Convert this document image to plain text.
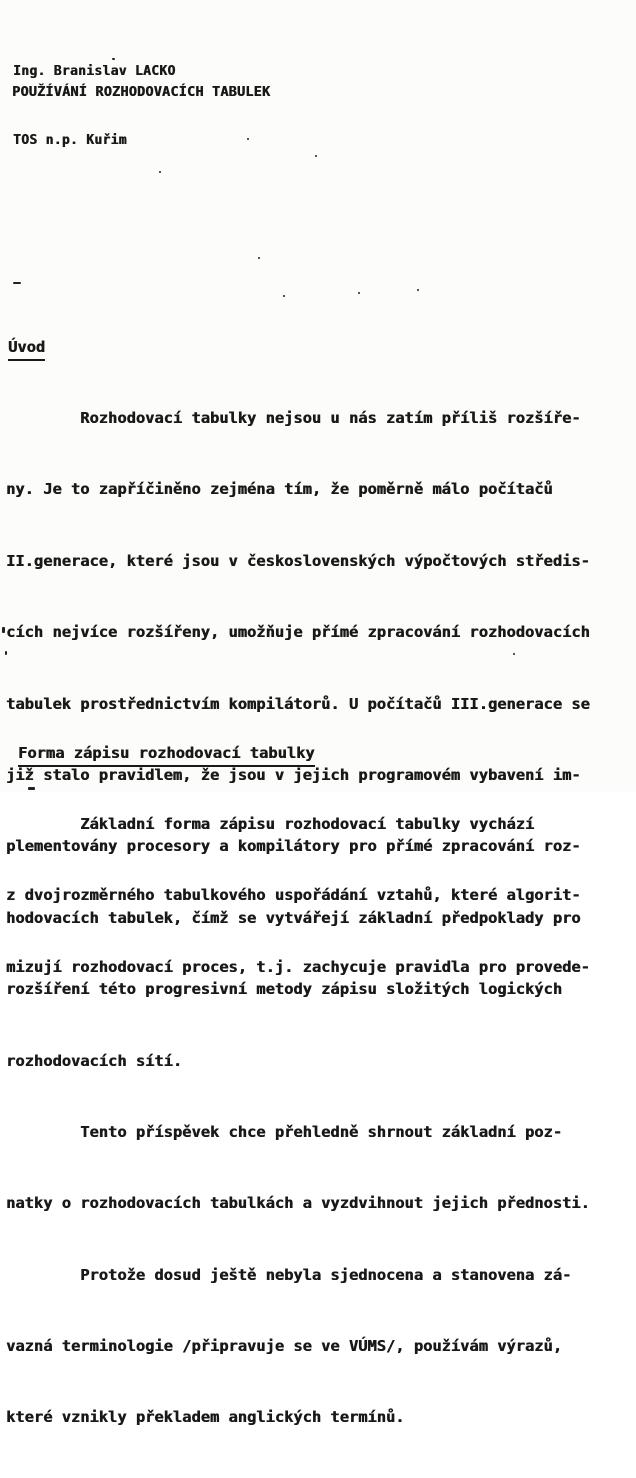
Ing. Branislav LACKO

TOS n.p. Kuřim

POUŽÍVÁNÍ ROZHODOVACÍCH TABULEK

Úvod

Rozhodovací tabulky nejsou u nás zatím příliš rozšíře-

ny. Je to zapříčiněno zejména tím, že poměrně málo počítačů

II.generace, které jsou v československých výpočtových středis-

cích nejvíce rozšířeny, umožňuje přímé zpracování rozhodovacích

tabulek prostřednictvím kompilátorů. U počítačů III.generace se

již stalo pravidlem, že jsou v jejich programovém vybavení im-

plementovány procesory a kompilátory pro přímé zpracování roz-

hodovacích tabulek, čímž se vytvářejí základní předpoklady pro

rozšíření této progresivní metody zápisu složitých logických

rozhodovacích sítí.

Tento příspěvek chce přehledně shrnout základní poz-

natky o rozhodovacích tabulkách a vyzdvihnout jejich přednosti.

Protože dosud ještě nebyla sjednocena a stanovena zá-

vazná terminologie /připravuje se ve VÚMS/, používám výrazů,

které vznikly překladem anglických termínů.

Forma zápisu rozhodovací tabulky

Základní forma zápisu rozhodovací tabulky vychází

z dvojrozměrného tabulkového uspořádání vztahů, které algorit-

mizují rozhodovací proces, t.j. zachycuje pravidla pro provede-
